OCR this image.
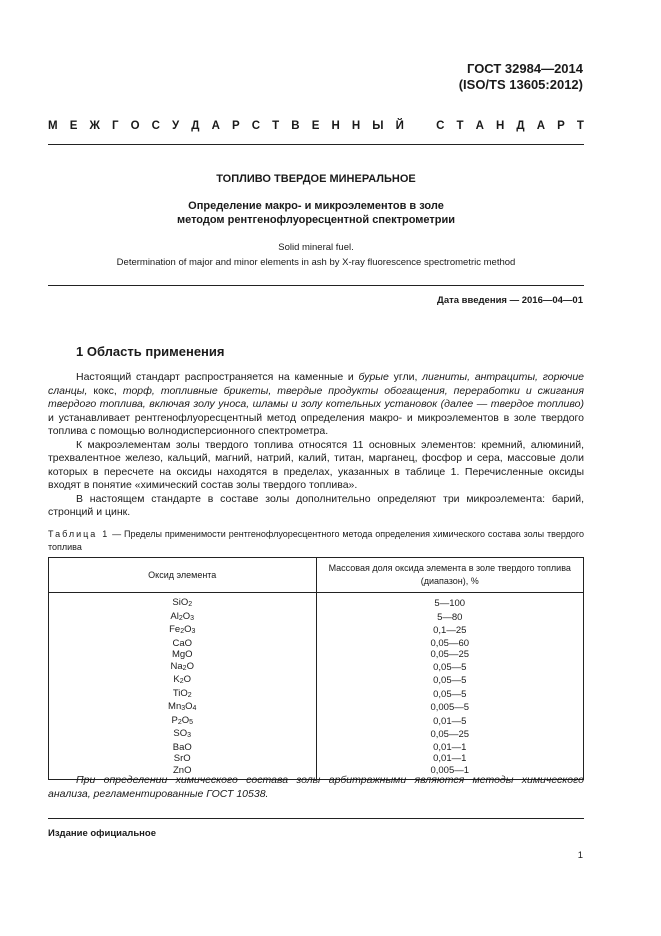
ГОСТ 32984—2014
(ISO/TS 13605:2012)
М Е Ж Г О С У Д А Р С Т В Е Н Н Ы Й	С Т А Н Д А Р Т
ТОПЛИВО ТВЕРДОЕ МИНЕРАЛЬНОЕ
Определение макро- и микроэлементов в золе
методом рентгенофлуоресцентной спектрометрии
Solid mineral fuel.
Determination of major and minor elements in ash by X-ray fluorescence spectrometric method
Дата введения — 2016—04—01
1 Область применения

Настоящий стандарт распространяется на каменные и бурые угли, лигниты, антрациты, горючие сланцы, кокс, торф, топливные брикеты, твердые продукты обогащения, переработки и сжигания твердого топлива, включая золу уноса, шламы и золу котельных установок (далее — твердое топливо) и устанавливает рентгенофлуоресцентный метод определения макро- и микроэлементов в золе твердого топлива с помощью волнодисперсионного спектрометра.

К макроэлементам золы твердого топлива относятся 11 основных элементов: кремний, алюминий, трехвалентное железо, кальций, магний, натрий, калий, титан, марганец, фосфор и сера, массовые доли которых в пересчете на оксиды находятся в пределах, указанных в таблице 1. Перечисленные оксиды входят в понятие «химический состав золы твердого топлива».

В настоящем стандарте в составе золы дополнительно определяют три микроэлемента: барий, стронций и цинк.

Таблица 1 — Пределы применимости рентгенофлуоресцентного метода определения химического состава золы твердого топлива
Оксид элемента	Массовая доля оксида элемента в золе твердого топлива
(диапазон), %

SiO$_2$	5—100
$Al_2O_3$	5—80
$Fe_2O_3$	0,1—25
CaO	0,05—60
MgO	0,05—25
$Na_2O$	0,05—5
$K_2O$	0,05—5
TiO$_2$	0,05—5
$Mn_3O_4$	0,005—5
$P_2O_5$	0,01—5
$SO_3$	0,05—25
BaO	0,01—1
SrO	0,01—1
ZnO	0,005—1

При определении химического состава золы арбитражными являются методы химического анализа, регламентированные ГОСТ 10538.

Издание официальное
1
